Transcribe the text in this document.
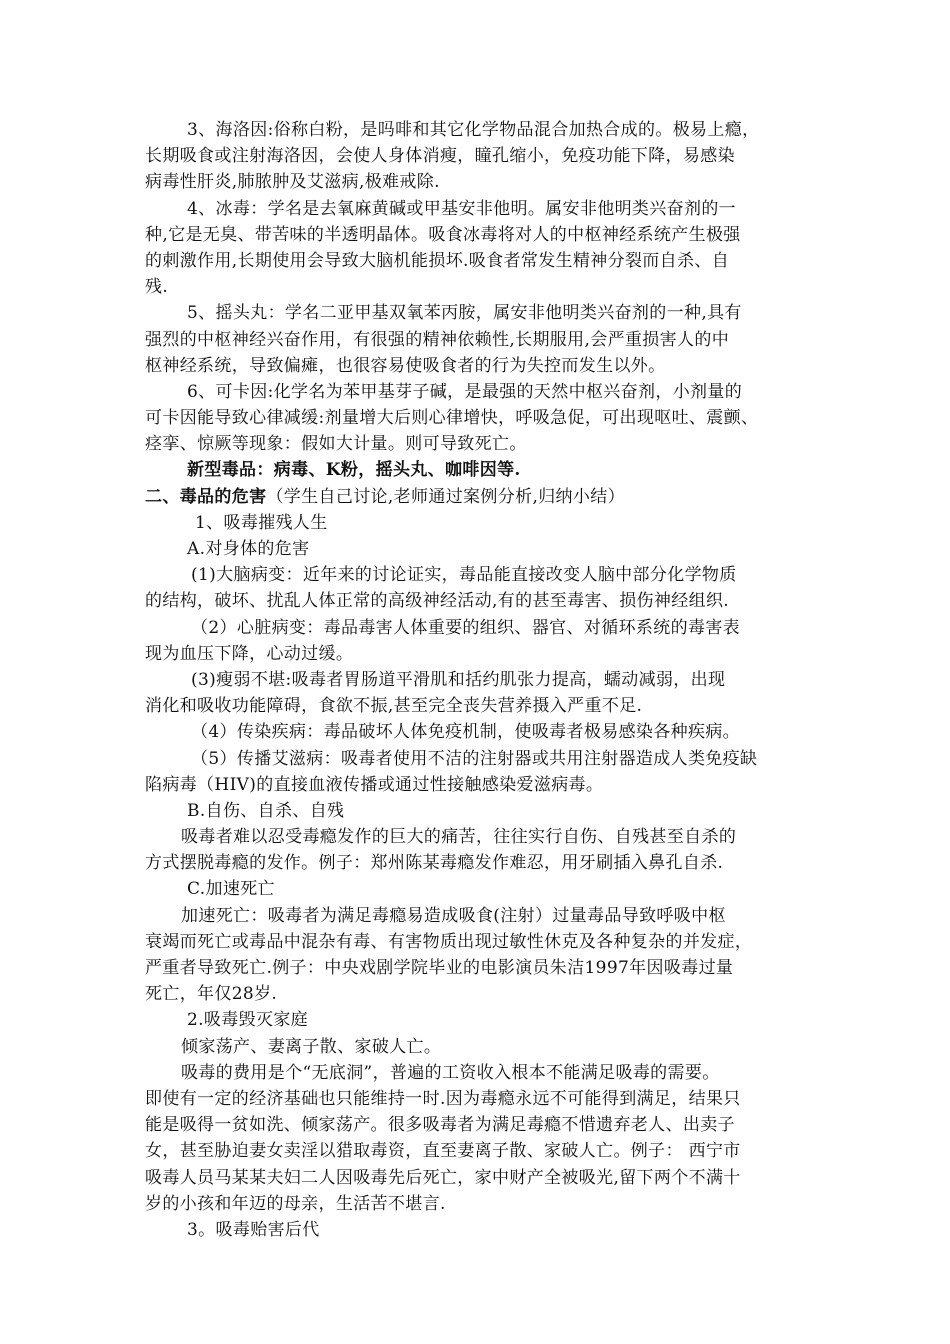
3、海洛因:俗称白粉，是吗啡和其它化学物品混合加热合成的。极易上瘾，
长期吸食或注射海洛因，会使人身体消瘦，瞳孔缩小，免疫功能下降，易感染
病毒性肝炎,肺脓肿及艾滋病,极难戒除.
4、冰毒：学名是去氧麻黄碱或甲基安非他明。属安非他明类兴奋剂的一
种,它是无臭、带苦味的半透明晶体。吸食冰毒将对人的中枢神经系统产生极强
的刺激作用,长期使用会导致大脑机能损坏.吸食者常发生精神分裂而自杀、自
残.
5、摇头丸：学名二亚甲基双氧苯丙胺，属安非他明类兴奋剂的一种,具有
强烈的中枢神经兴奋作用，有很强的精神依赖性,长期服用,会严重损害人的中
枢神经系统，导致偏瘫，也很容易使吸食者的行为失控而发生以外。
6、可卡因:化学名为苯甲基芽子碱，是最强的天然中枢兴奋剂，小剂量的
可卡因能导致心律减缓:剂量增大后则心律增快，呼吸急促，可出现呕吐、震颤、
痉挛、惊厥等现象：假如大计量。则可导致死亡。
新型毒品：病毒、K粉，摇头丸、咖啡因等.
二、毒品的危害（学生自己讨论,老师通过案例分析,归纳小结）
1、吸毒摧残人生
A.对身体的危害
(1)大脑病变：近年来的讨论证实，毒品能直接改变人脑中部分化学物质
的结构，破坏、扰乱人体正常的高级神经活动,有的甚至毒害、损伤神经组织.
（2）心脏病变：毒品毒害人体重要的组织、器官、对循环系统的毒害表
现为血压下降，心动过缓。
(3)瘦弱不堪:吸毒者胃肠道平滑肌和括约肌张力提高，蠕动减弱，出现
消化和吸收功能障碍，食欲不振,甚至完全丧失营养摄入严重不足.
（4）传染疾病：毒品破坏人体免疫机制，使吸毒者极易感染各种疾病。
（5）传播艾滋病：吸毒者使用不洁的注射器或共用注射器造成人类免疫缺
陷病毒（HIV)的直接血液传播或通过性接触感染爱滋病毒。
B.自伤、自杀、自残
吸毒者难以忍受毒瘾发作的巨大的痛苦，往往实行自伤、自残甚至自杀的
方式摆脱毒瘾的发作。例子：郑州陈某毒瘾发作难忍，用牙刷插入鼻孔自杀.
C.加速死亡
加速死亡：吸毒者为满足毒瘾易造成吸食(注射）过量毒品导致呼吸中枢
衰竭而死亡或毒品中混杂有毒、有害物质出现过敏性休克及各种复杂的并发症，
严重者导致死亡.例子：中央戏剧学院毕业的电影演员朱洁1997年因吸毒过量
死亡，年仅28岁.
2.吸毒毁灭家庭
倾家荡产、妻离子散、家破人亡。
吸毒的费用是个“无底洞”，普遍的工资收入根本不能满足吸毒的需要。
即使有一定的经济基础也只能维持一时.因为毒瘾永远不可能得到满足，结果只
能是吸得一贫如洗、倾家荡产。很多吸毒者为满足毒瘾不惜遗弃老人、出卖子
女，甚至胁迫妻女卖淫以猎取毒资，直至妻离子散、家破人亡。例子： 西宁市
吸毒人员马某某夫妇二人因吸毒先后死亡，家中财产全被吸光,留下两个不满十
岁的小孩和年迈的母亲，生活苦不堪言.
3。吸毒贻害后代
